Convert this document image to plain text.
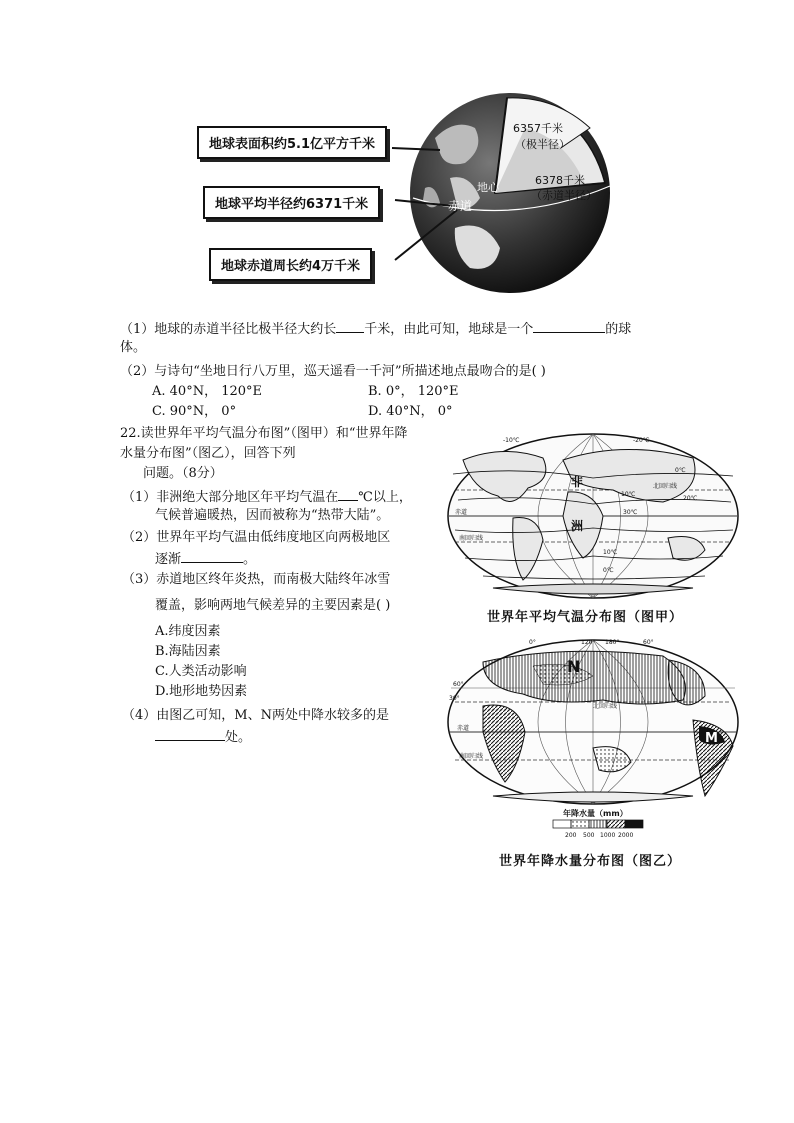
6357千米
（极半径）
6378千米
（赤道半径）
地心
赤道
地球表面积约5.1亿平方千米
地球平均半径约6371千米
地球赤道周长约4万千米
（1）地球的赤道半径比极半径大约长 千米，由此可知，地球是一个	的球
体。
（2）与诗句“坐地日行八万里，巡天遥看一千河”所描述地点最吻合的是( )
A. 40°N， 120°E	B. 0°， 120°E
C. 90°N， 0°	D. 40°N， 0°
22.读世界年平均气温分布图”（图甲）和“世界年降
水量分布图”（图乙），回答下列
问题。（8分）
（1）非洲绝大部分地区年平均气温在 ℃以上，
气候普遍暖热，因而被称为“热带大陆”。
（2）世界年平均气温由低纬度地区向两极地区
逐渐	。
（3）赤道地区终年炎热，而南极大陆终年冰雪
覆盖，影响两地气候差异的主要因素是( )
A.纬度因素
B.海陆因素
C.人类活动影响
D.地形地势因素
（4）由图乙可知，M、N两处中降水较多的是
处。
非
洲
赤道
北回归线
南回归线
-10℃	-20℃
0℃
10℃
20℃
30℃
10℃
0℃
世界年平均气温分布图（图甲）
N
M
60°
30°
赤道
北回归线
南回归线
0°	120° 180°	60°
年降水量（mm）
200 500 1000 2000
世界年降水量分布图（图乙）
